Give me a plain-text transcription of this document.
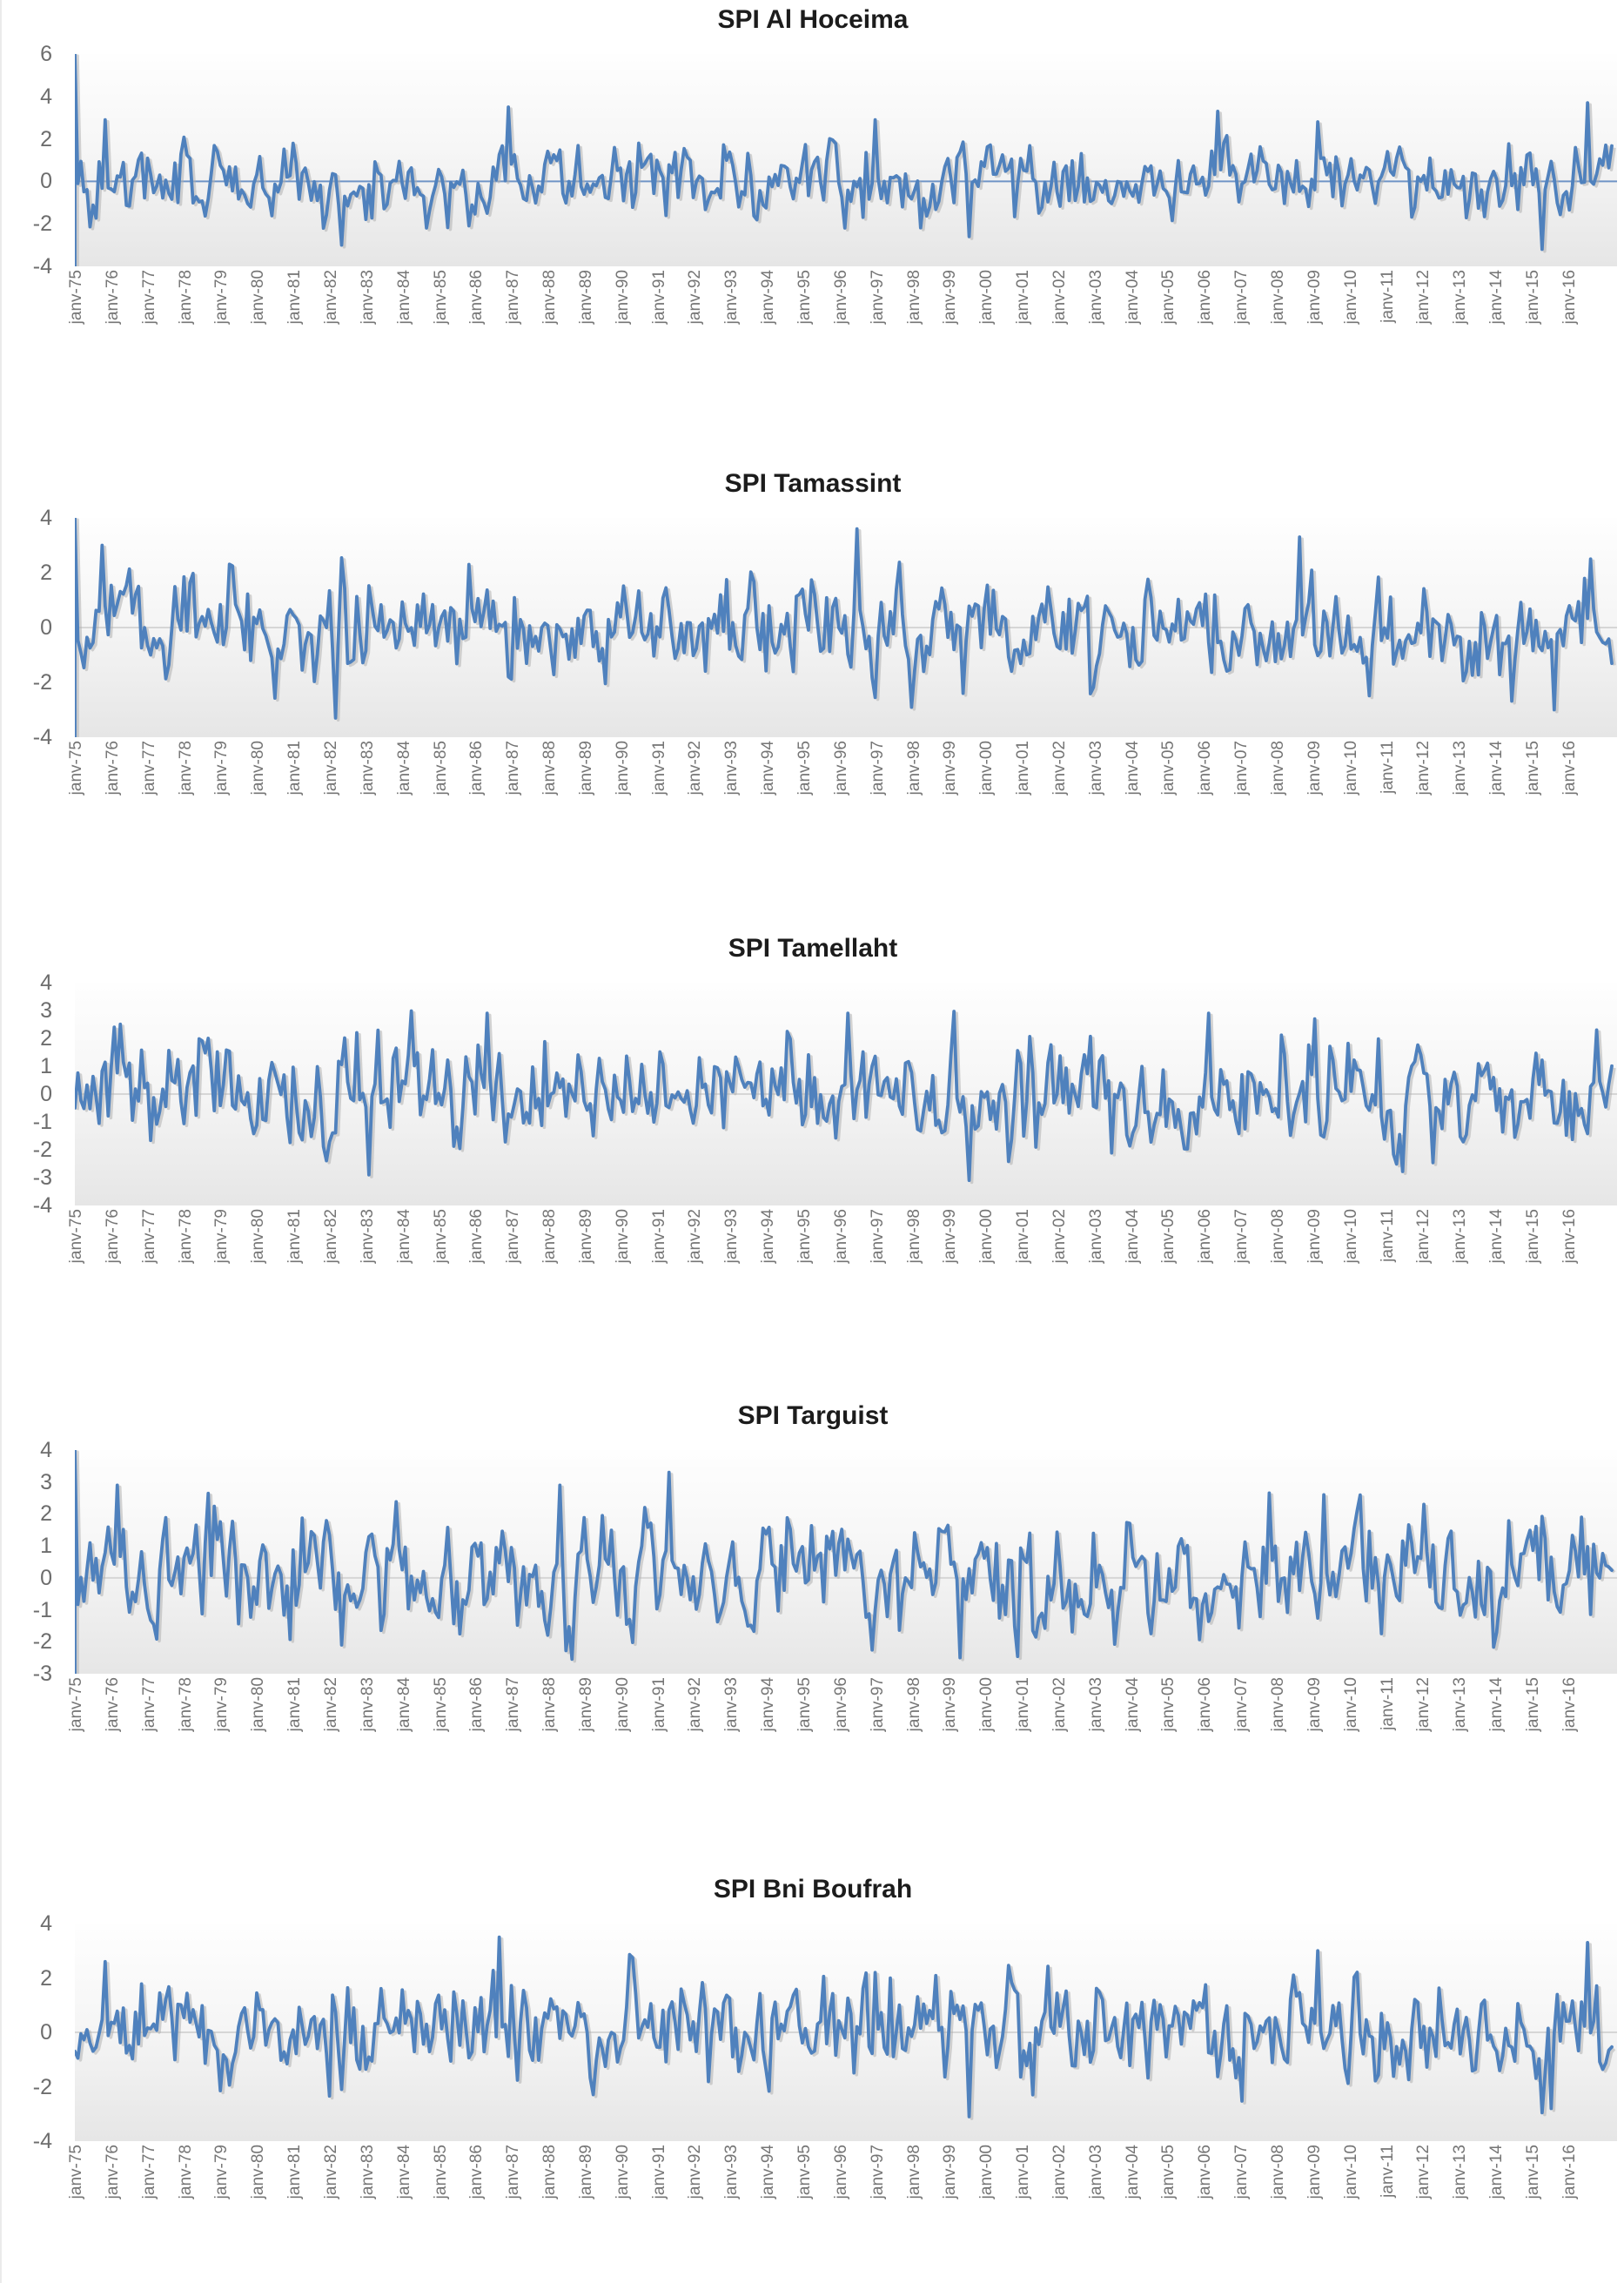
SPI Al Hoceima
6
4
2
0
-2
-4
janv-75 janv-76 janv-77 janv-78 janv-79 janv-80 janv-81 janv-82 janv-83 janv-84 janv-85 janv-86 janv-87 janv-88 janv-89 janv-90 janv-91 janv-92 janv-93 janv-94 janv-95 janv-96 janv-97 janv-98 janv-99 janv-00 janv-01 janv-02 janv-03 janv-04 janv-05 janv-06 janv-07 janv-08 janv-09 janv-10 janv-11 janv-12 janv-13 janv-14 janv-15 janv-16
SPI Tamassint
4
2
0
-2
-4
janv-75 janv-76 janv-77 janv-78 janv-79 janv-80 janv-81 janv-82 janv-83 janv-84 janv-85 janv-86 janv-87 janv-88 janv-89 janv-90 janv-91 janv-92 janv-93 janv-94 janv-95 janv-96 janv-97 janv-98 janv-99 janv-00 janv-01 janv-02 janv-03 janv-04 janv-05 janv-06 janv-07 janv-08 janv-09 janv-10 janv-11 janv-12 janv-13 janv-14 janv-15 janv-16
SPI Tamellaht
4
3
2
1
0
-1
-2
-3
-4
janv-75 janv-76 janv-77 janv-78 janv-79 janv-80 janv-81 janv-82 janv-83 janv-84 janv-85 janv-86 janv-87 janv-88 janv-89 janv-90 janv-91 janv-92 janv-93 janv-94 janv-95 janv-96 janv-97 janv-98 janv-99 janv-00 janv-01 janv-02 janv-03 janv-04 janv-05 janv-06 janv-07 janv-08 janv-09 janv-10 janv-11 janv-12 janv-13 janv-14 janv-15 janv-16
SPI Targuist
4
3
2
1
0
-1
-2
-3
janv-75 janv-76 janv-77 janv-78 janv-79 janv-80 janv-81 janv-82 janv-83 janv-84 janv-85 janv-86 janv-87 janv-88 janv-89 janv-90 janv-91 janv-92 janv-93 janv-94 janv-95 janv-96 janv-97 janv-98 janv-99 janv-00 janv-01 janv-02 janv-03 janv-04 janv-05 janv-06 janv-07 janv-08 janv-09 janv-10 janv-11 janv-12 janv-13 janv-14 janv-15 janv-16
SPI Bni Boufrah
4
2
0
-2
-4
janv-75 janv-76 janv-77 janv-78 janv-79 janv-80 janv-81 janv-82 janv-83 janv-84 janv-85 janv-86 janv-87 janv-88 janv-89 janv-90 janv-91 janv-92 janv-93 janv-94 janv-95 janv-96 janv-97 janv-98 janv-99 janv-00 janv-01 janv-02 janv-03 janv-04 janv-05 janv-06 janv-07 janv-08 janv-09 janv-10 janv-11 janv-12 janv-13 janv-14 janv-15 janv-16
